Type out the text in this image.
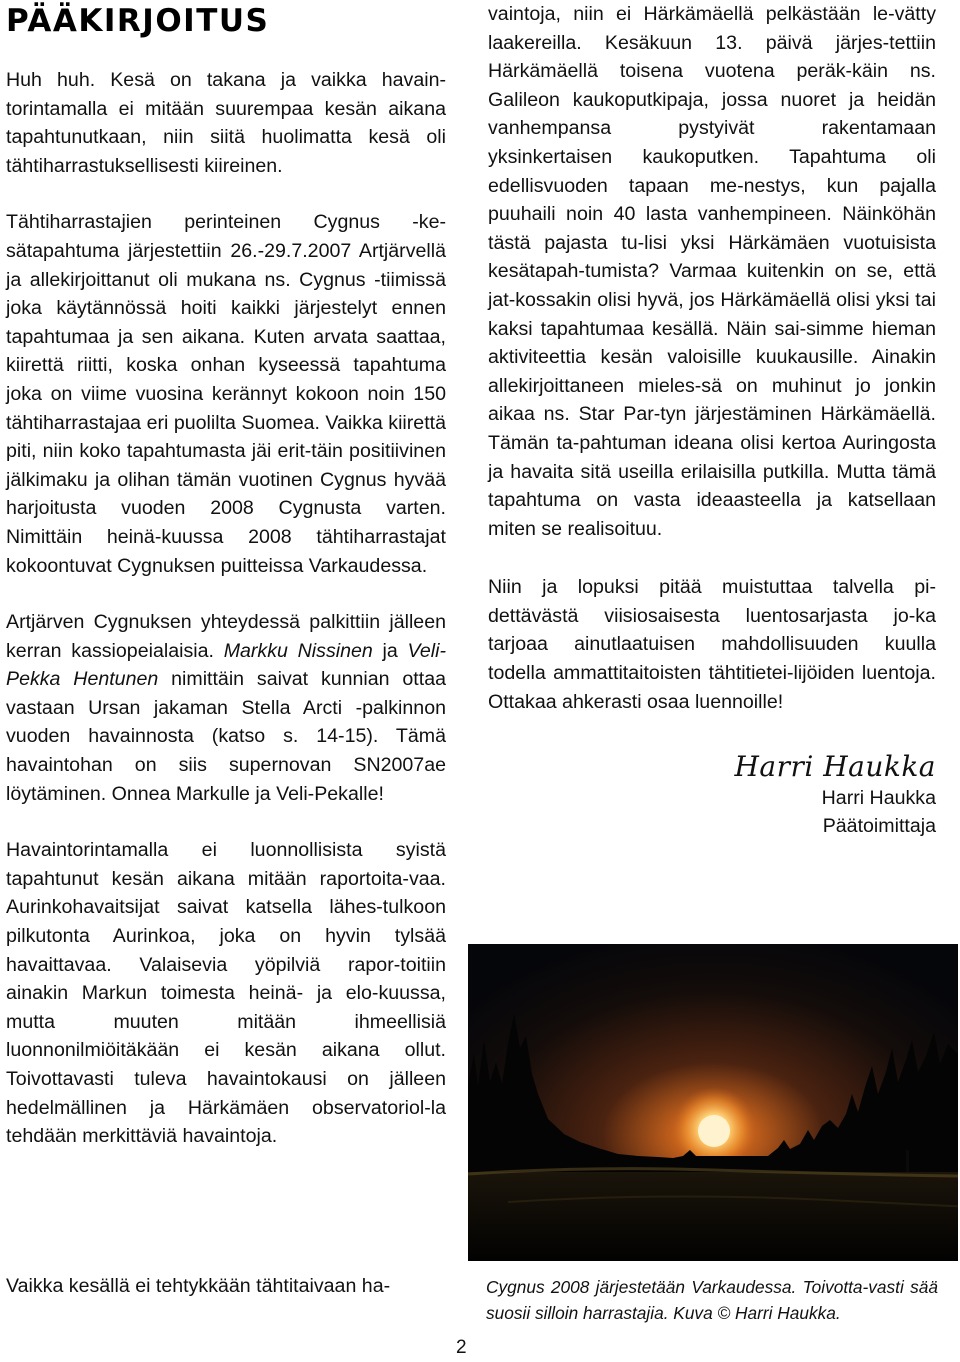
PÄÄKIRJOITUS

Huh huh. Kesä on takana ja vaikka havain-torintamalla ei mitään suurempaa kesän aikana tapahtunutkaan, niin siitä huolimatta kesä oli tähtiharrastuksellisesti kiireinen.

Tähtiharrastajien perinteinen Cygnus -ke-sätapahtuma järjestettiin 26.-29.7.2007 Artjärvellä ja allekirjoittanut oli mukana ns. Cygnus -tiimissä joka käytännössä hoiti kaikki järjestelyt ennen tapahtumaa ja sen aikana. Kuten arvata saattaa, kiirettä riitti, koska onhan kyseessä tapahtuma joka on viime vuosina kerännyt kokoon noin 150 tähtiharrastajaa eri puolilta Suomea. Vaikka kiirettä piti, niin koko tapahtumasta jäi erit-täin positiivinen jälkimaku ja olihan tämän vuotinen Cygnus hyvää harjoitusta vuoden 2008 Cygnusta varten. Nimittäin heinä-kuussa 2008 tähtiharrastajat kokoontuvat Cygnuksen puitteissa Varkaudessa.

Artjärven Cygnuksen yhteydessä palkittiin jälleen kerran kassiopeialaisia. Markku Nissinen ja Veli-Pekka Hentunen nimittäin saivat kunnian ottaa vastaan Ursan jakaman Stella Arcti -palkinnon vuoden havainnosta (katso s. 14-15). Tämä havaintohan on siis supernovan SN2007ae löytäminen. Onnea Markulle ja Veli-Pekalle!

Havaintorintamalla ei luonnollisista syistä tapahtunut kesän aikana mitään raportoita-vaa. Aurinkohavaitsijat saivat katsella lähes-tulkoon pilkutonta Aurinkoa, joka on hyvin tylsää havaittavaa. Valaisevia yöpilviä rapor-toitiin ainakin Markun toimesta heinä- ja elo-kuussa, mutta muuten mitään ihmeellisiä luonnonilmiöitäkään ei kesän aikana ollut. Toivottavasti tuleva havaintokausi on jälleen hedelmällinen ja Härkämäen observatoriol-la tehdään merkittäviä havaintoja.

Vaikka kesällä ei tehtykkään tähtitaivaan ha-

vaintoja, niin ei Härkämäellä pelkästään le-vätty laakereilla. Kesäkuun 13. päivä järjes-tettiin Härkämäellä toisena vuotena peräk-käin ns. Galileon kaukoputkipaja, jossa nuoret ja heidän vanhempansa pystyivät rakentamaan yksinkertaisen kaukoputken. Tapahtuma oli edellisvuoden tapaan me-nestys, kun pajalla puuhaili noin 40 lasta vanhempineen. Näinköhän tästä pajasta tu-lisi yksi Härkämäen vuotuisista kesätapah-tumista? Varmaa kuitenkin on se, että jat-kossakin olisi hyvä, jos Härkämäellä olisi yksi tai kaksi tapahtumaa kesällä. Näin sai-simme hieman aktiviteettia kesän valoisille kuukausille. Ainakin allekirjoittaneen mieles-sä on muhinut jo jonkin aikaa ns. Star Par-tyn järjestäminen Härkämäellä. Tämän ta-pahtuman ideana olisi kertoa Auringosta ja havaita sitä useilla erilaisilla putkilla. Mutta tämä tapahtuma on vasta ideaasteella ja katsellaan miten se realisoituu.

Niin ja lopuksi pitää muistuttaa talvella pi-dettävästä viisiosaisesta luentosarjasta jo-ka tarjoaa ainutlaatuisen mahdollisuuden kuulla todella ammattitaitoisten tähtitietei-lijöiden luentoja. Ottakaa ahkerasti osaa luennoille!

Harri Haukka

Harri Haukka

Päätoimittaja

Cygnus 2008 järjestetään Varkaudessa. Toivotta-vasti sää suosii silloin harrastajia. Kuva © Harri Haukka.

2
